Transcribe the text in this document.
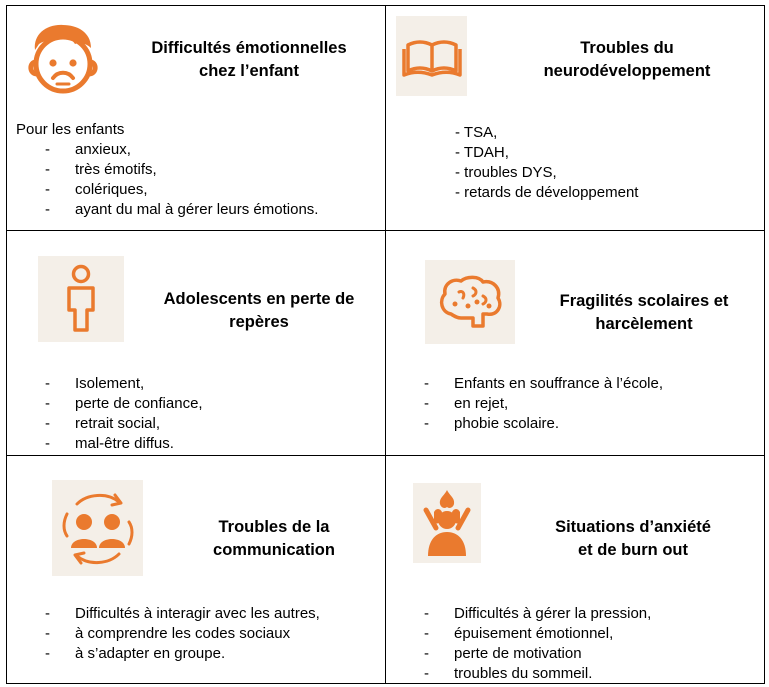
Difficultés émotionnelles
chez l’enfant
Pour les enfants
- anxieux,
- très émotifs,
- colériques,
- ayant du mal à gérer leurs émotions.
Troubles du
neurodéveloppement
- TSA,
- TDAH,
- troubles DYS,
- retards de développement
Adolescents en perte de
repères
- Isolement,
- perte de confiance,
- retrait social,
- mal-être diffus.
Fragilités scolaires et
harcèlement
- Enfants en souffrance à l’école,
- en rejet,
- phobie scolaire.
Troubles de la
communication
- Difficultés à interagir avec les autres,
- à comprendre les codes sociaux
- à s’adapter en groupe.
Situations d’anxiété
et de burn out
- Difficultés à gérer la pression,
- épuisement émotionnel,
- perte de motivation
- troubles du sommeil.
